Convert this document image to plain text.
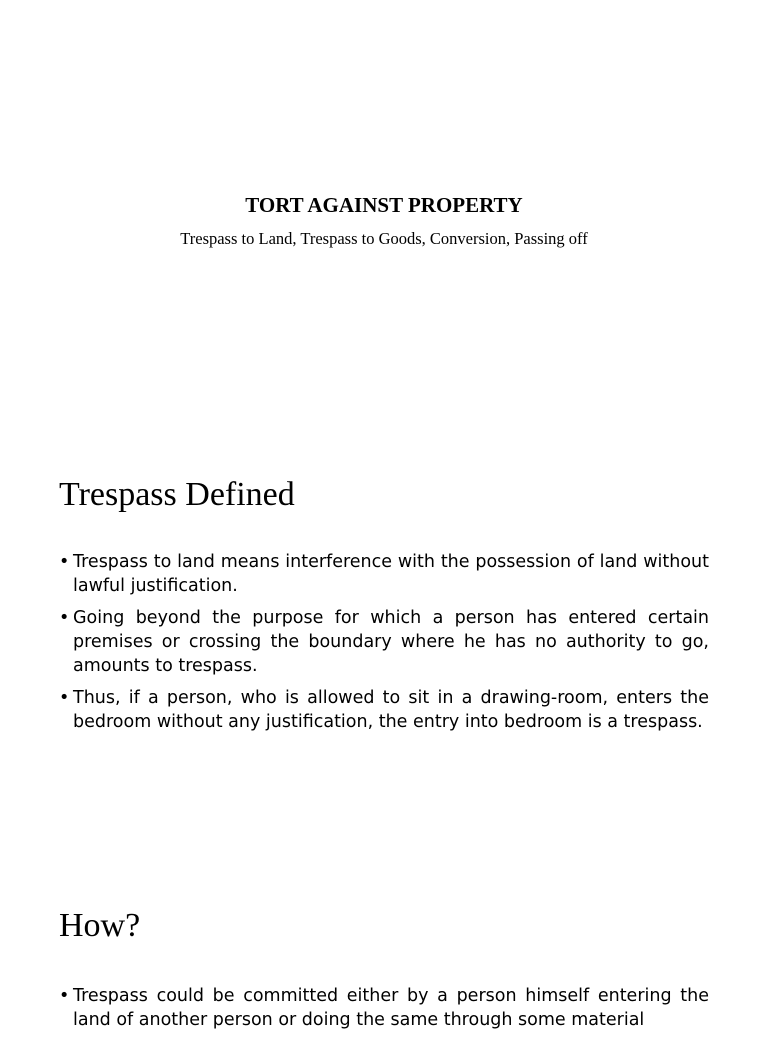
TORT AGAINST PROPERTY

Trespass to Land, Trespass to Goods, Conversion, Passing off

Trespass Defined
• Trespass to land means interference with the possession of land without lawful justification.
• Going beyond the purpose for which a person has entered certain premises or crossing the boundary where he has no authority to go, amounts to trespass.
• Thus, if a person, who is allowed to sit in a drawing-room, enters the bedroom without any justification, the entry into bedroom is a trespass.
How?
• Trespass could be committed either by a person himself entering the land of another person or doing the same through some material
